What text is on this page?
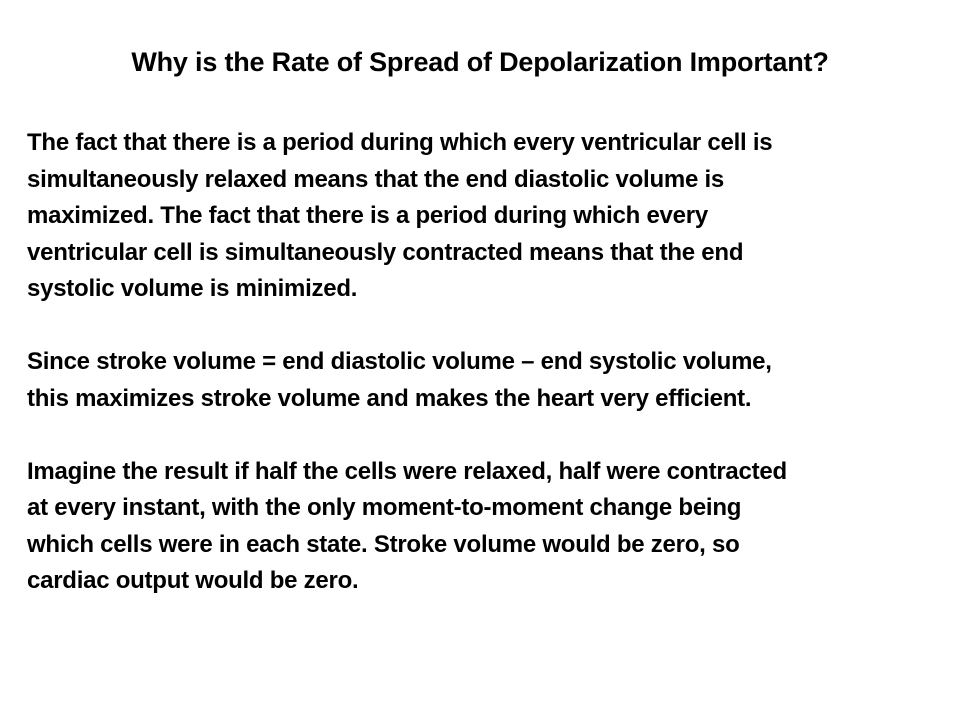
Why is the Rate of Spread of Depolarization Important?

The fact that there is a period during which every ventricular cell is
simultaneously relaxed means that the end diastolic volume is
maximized. The fact that there is a period during which every
ventricular cell is simultaneously contracted means that the end
systolic volume is minimized.

Since stroke volume = end diastolic volume – end systolic volume,
this maximizes stroke volume and makes the heart very efficient.

Imagine the result if half the cells were relaxed, half were contracted
at every instant, with the only moment-to-moment change being
which cells were in each state. Stroke volume would be zero, so
cardiac output would be zero.
